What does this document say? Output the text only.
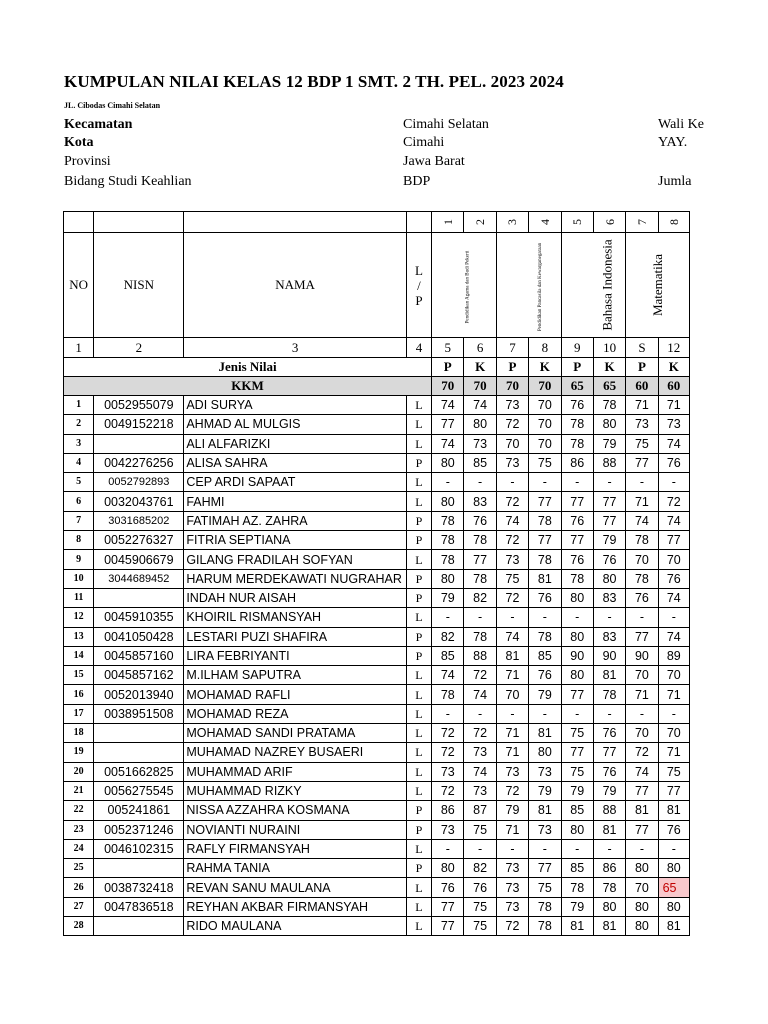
KUMPULAN NILAI KELAS 12 BDP 1 SMT. 2 TH. PEL. 2023 2024
JL. Cibodas Cimahi Selatan
Kecamatan	Cimahi Selatan	Wali Ke
Kota	Cimahi	YAY.
Provinsi	Jawa Barat
Bidang Studi Keahlian	BDP	Jumla
				1	2	3	4	5	6	7	8
NO	NISN	NAMA	L / P	Pendidikan Agama dan Budi Pekerti		Pendidikan Pancasila dan Kewarganegaraan		Bahasa Indonesia		Matematika	
1	2	3	4	5	6	7	8	9	10	S	12
Jenis Nilai				P	K	P	K	P	K	P	K
KKM				70	70	70	70	65	65	60	60
1	0052955079	ADI SURYA	L	74	74	73	70	76	78	71	71
2	0049152218	AHMAD AL MULGIS	L	77	80	72	70	78	80	73	73
3		ALI ALFARIZKI	L	74	73	70	70	78	79	75	74
4	0042276256	ALISA SAHRA	P	80	85	73	75	86	88	77	76
5	0052792893	CEP ARDI SAPAAT	L	-	-	-	-	-	-	-	-
6	0032043761	FAHMI	L	80	83	72	77	77	77	71	72
7	3031685202	FATIMAH AZ. ZAHRA	P	78	76	74	78	76	77	74	74
8	0052276327	FITRIA SEPTIANA	P	78	78	72	77	77	79	78	77
9	0045906679	GILANG FRADILAH SOFYAN	L	78	77	73	78	76	76	70	70
10	3044689452	HARUM MERDEKAWATI NUGRAHAR	P	80	78	75	81	78	80	78	76
11		INDAH NUR AISAH	P	79	82	72	76	80	83	76	74
12	0045910355	KHOIRIL RISMANSYAH	L	-	-	-	-	-	-	-	-
13	0041050428	LESTARI PUZI SHAFIRA	P	82	78	74	78	80	83	77	74
14	0045857160	LIRA FEBRIYANTI	P	85	88	81	85	90	90	90	89
15	0045857162	M.ILHAM SAPUTRA	L	74	72	71	76	80	81	70	70
16	0052013940	MOHAMAD RAFLI	L	78	74	70	79	77	78	71	71
17	0038951508	MOHAMAD REZA	L	-	-	-	-	-	-	-	-
18		MOHAMAD SANDI PRATAMA	L	72	72	71	81	75	76	70	70
19		MUHAMAD NAZREY BUSAERI	L	72	73	71	80	77	77	72	71
20	0051662825	MUHAMMAD ARIF	L	73	74	73	73	75	76	74	75
21	0056275545	MUHAMMAD RIZKY	L	72	73	72	79	79	79	77	77
22	005241861	NISSA AZZAHRA KOSMANA	P	86	87	79	81	85	88	81	81
23	0052371246	NOVIANTI NURAINI	P	73	75	71	73	80	81	77	76
24	0046102315	RAFLY FIRMANSYAH	L	-	-	-	-	-	-	-	-
25		RAHMA TANIA	P	80	82	73	77	85	86	80	80
26	0038732418	REVAN SANU MAULANA	L	76	76	73	75	78	78	70	65
27	0047836518	REYHAN AKBAR FIRMANSYAH	L	77	75	73	78	79	80	80	80
28		RIDO MAULANA	L	77	75	72	78	81	81	80	81
